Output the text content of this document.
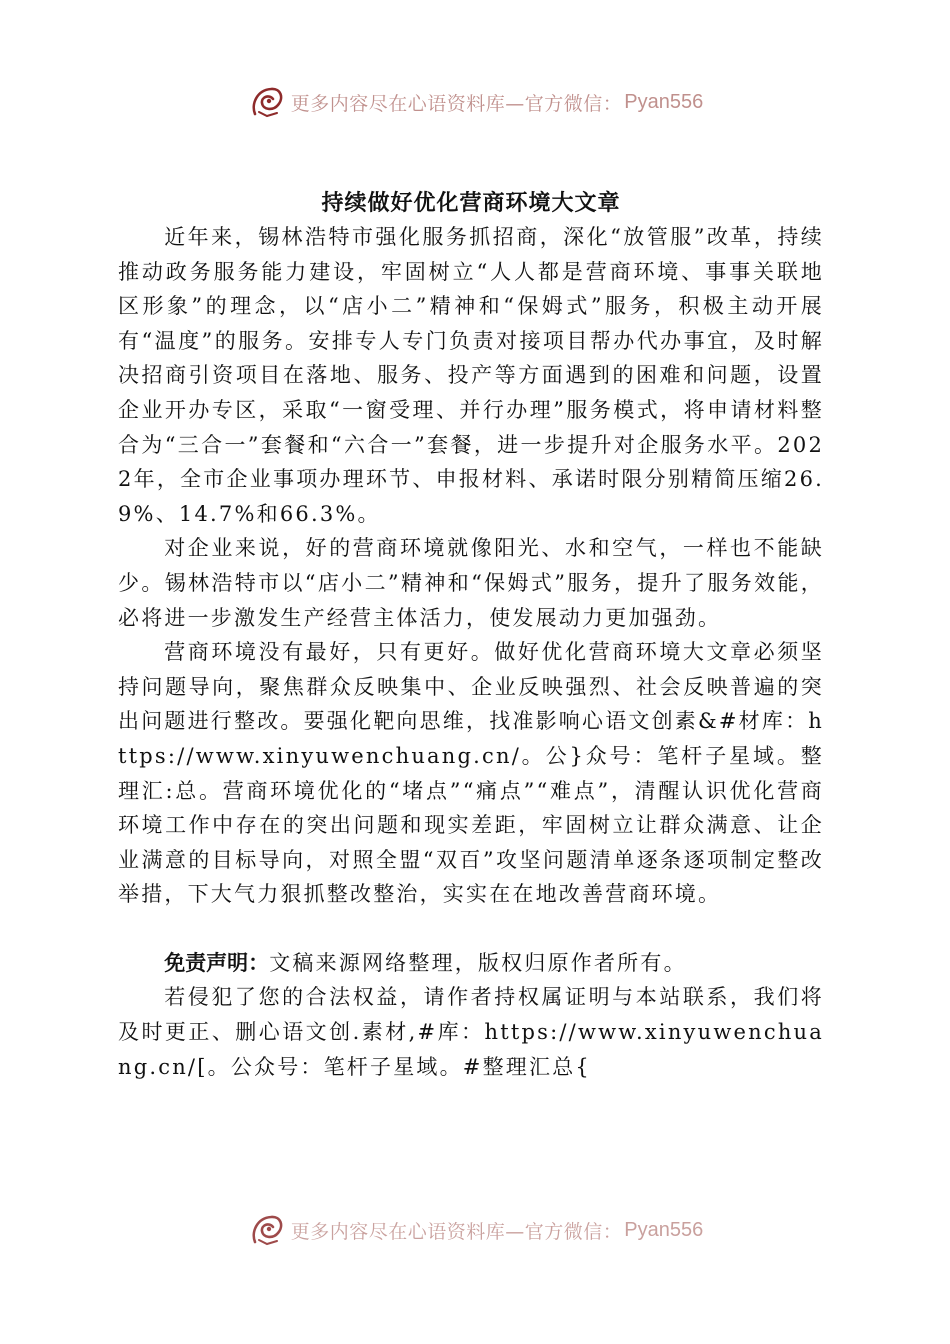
更多内容尽在心语资料库—官方微信： Pyan556
持续做好优化营商环境大文章

近年来，锡林浩特市强化服务抓招商，深化“放管服”改革，持续推动政务服务能力建设，牢固树立“人人都是营商环境、事事关联地区形象”的理念，以“店小二”精神和“保姆式”服务，积极主动开展有“温度”的服务。安排专人专门负责对接项目帮办代办事宜，及时解决招商引资项目在落地、服务、投产等方面遇到的困难和问题，设置企业开办专区，采取“一窗受理、并行办理”服务模式，将申请材料整合为“三合一”套餐和“六合一”套餐，进一步提升对企服务水平。2022年，全市企业事项办理环节、申报材料、承诺时限分别精简压缩26.9%、14.7%和66.3%。

对企业来说，好的营商环境就像阳光、水和空气，一样也不能缺少。锡林浩特市以“店小二”精神和“保姆式”服务，提升了服务效能，必将进一步激发生产经营主体活力，使发展动力更加强劲。

营商环境没有最好，只有更好。做好优化营商环境大文章必须坚持问题导向，聚焦群众反映集中、企业反映强烈、社会反映普遍的突出问题进行整改。要强化靶向思维，找准影响心语文创素&#材库：https://www.xinyuwenchuang.cn/。公}众号：笔杆子星域。整理汇:总。营商环境优化的“堵点”“痛点”“难点”，清醒认识优化营商环境工作中存在的突出问题和现实差距，牢固树立让群众满意、让企业满意的目标导向，对照全盟“双百”攻坚问题清单逐条逐项制定整改举措，下大气力狠抓整改整治，实实在在地改善营商环境。

免责声明：文稿来源网络整理，版权归原作者所有。

若侵犯了您的合法权益，请作者持权属证明与本站联系，我们将及时更正、删心语文创.素材,#库：https://www.xinyuwenchuang.cn/[。公众号：笔杆子星域。#整理汇总{

更多内容尽在心语资料库—官方微信： Pyan556
